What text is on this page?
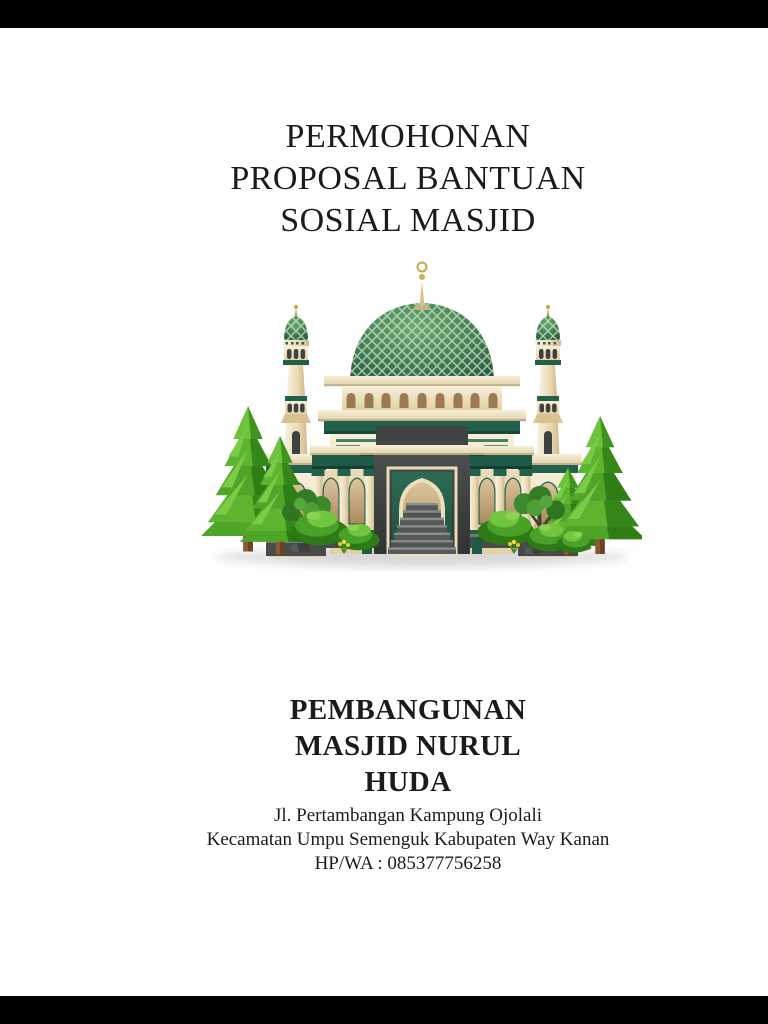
PERMOHONAN
PROPOSAL BANTUAN
SOSIAL MASJID
PEMBANGUNAN
MASJID NURUL
HUDA
Jl. Pertambangan Kampung Ojolali
Kecamatan Umpu Semenguk Kabupaten Way Kanan
HP/WA : 085377756258
